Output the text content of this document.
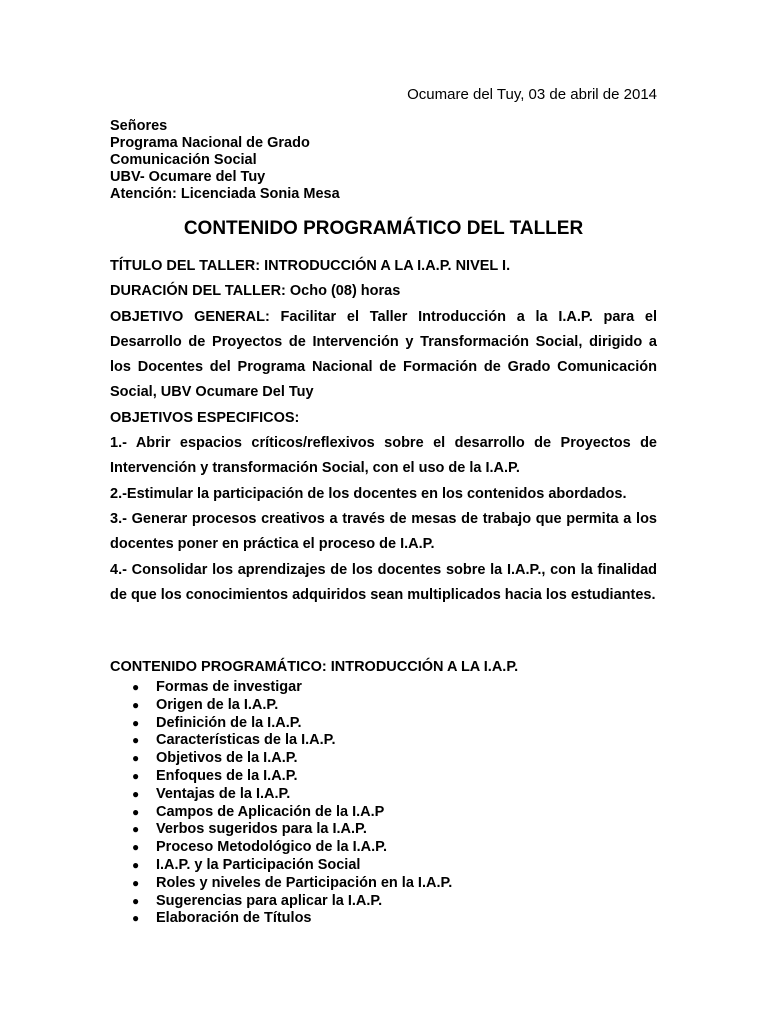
Ocumare del Tuy, 03 de abril de 2014
Señores
Programa Nacional de Grado
Comunicación Social
UBV- Ocumare del Tuy
Atención: Licenciada Sonia Mesa
CONTENIDO PROGRAMÁTICO DEL TALLER

TÍTULO DEL TALLER: INTRODUCCIÓN A LA I.A.P. NIVEL I.

DURACIÓN DEL TALLER: Ocho (08) horas

OBJETIVO GENERAL: Facilitar el Taller Introducción a la I.A.P. para el Desarrollo de Proyectos de Intervención y Transformación Social, dirigido a los Docentes del Programa Nacional de Formación de Grado Comunicación Social, UBV Ocumare Del Tuy

OBJETIVOS ESPECIFICOS:

1.- Abrir espacios críticos/reflexivos sobre el desarrollo de Proyectos de Intervención y transformación Social, con el uso de la I.A.P.

2.-Estimular la participación de los docentes en los contenidos abordados.

3.- Generar procesos creativos a través de mesas de trabajo que permita a los docentes poner en práctica el proceso de I.A.P.

4.- Consolidar los aprendizajes de los docentes sobre la I.A.P., con la finalidad de que los conocimientos adquiridos sean multiplicados hacia los estudiantes.

CONTENIDO PROGRAMÁTICO: INTRODUCCIÓN A LA I.A.P.
● Formas de investigar
● Origen de la I.A.P.
● Definición de la I.A.P.
● Características de la I.A.P.
● Objetivos de la I.A.P.
● Enfoques de la I.A.P.
● Ventajas de la I.A.P.
● Campos de Aplicación de la I.A.P
● Verbos sugeridos para la I.A.P.
● Proceso Metodológico de la I.A.P.
● I.A.P. y la Participación Social
● Roles y niveles de Participación en la I.A.P.
● Sugerencias para aplicar la I.A.P.
● Elaboración de Títulos
